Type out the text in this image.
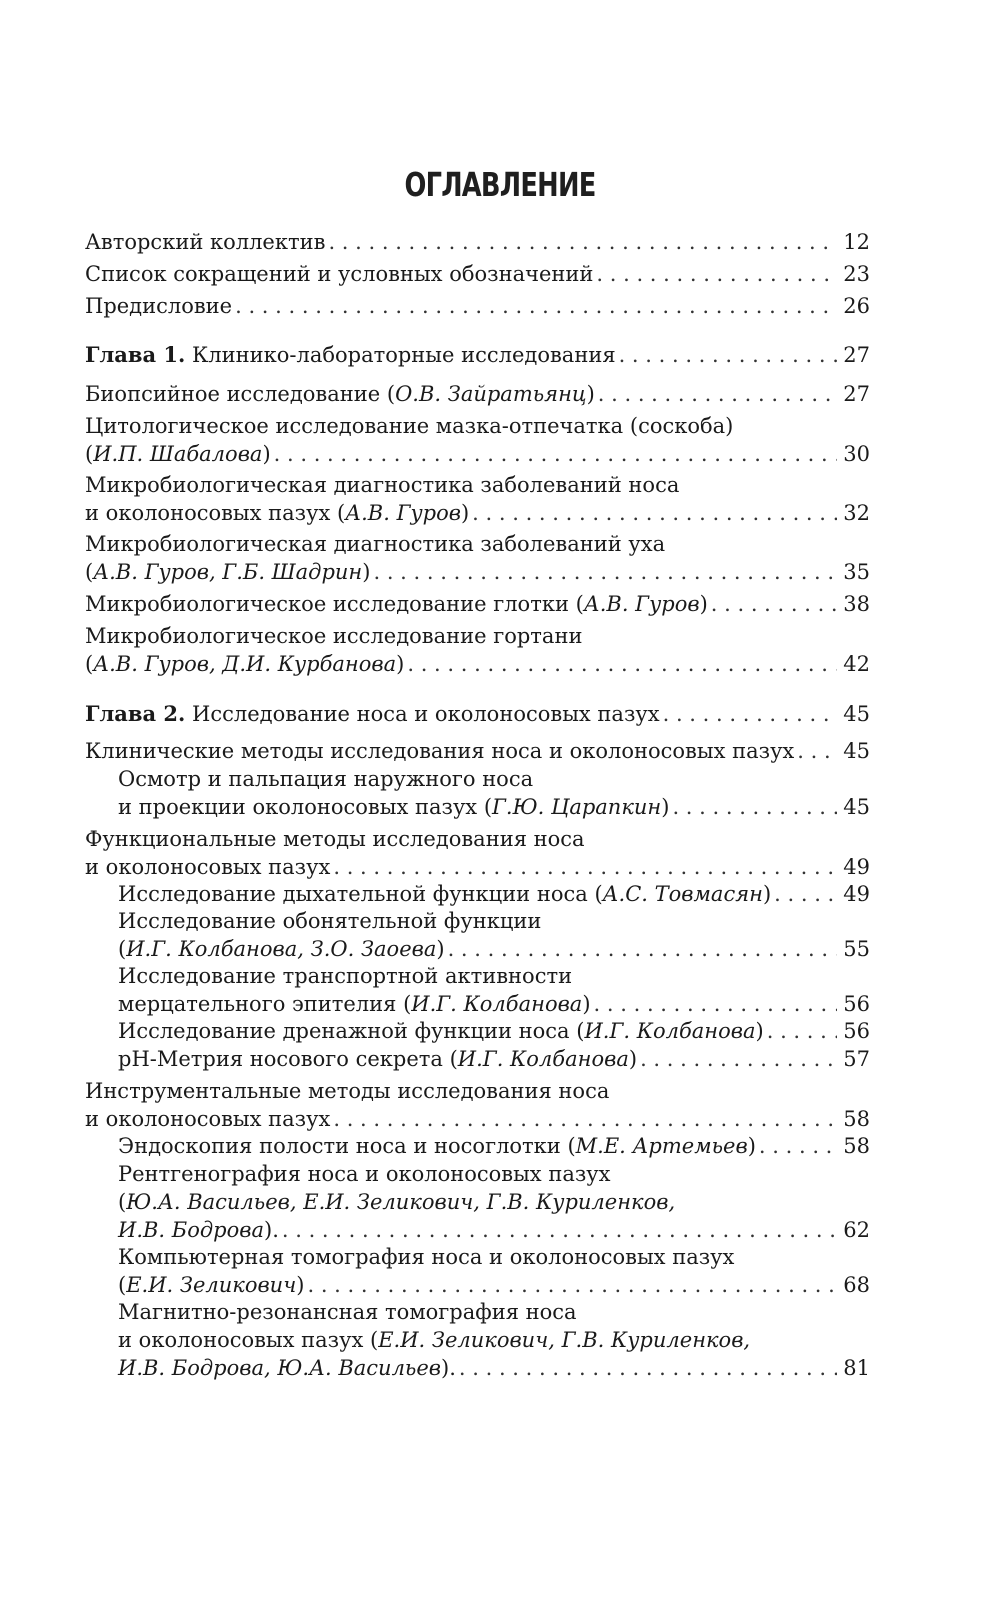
ОГЛАВЛЕНИЕ
Авторский коллектив . . .	12
Список сокращений и условных обозначений . . .	23
Предисловие . . .	26
Глава 1. Клинико-лабораторные исследования . . .	27
Биопсийное исследование (О.В. Зайратьянц) . . .	27
Цитологическое исследование мазка-отпечатка (соскоба)
(И.П. Шабалова) . . .	30
Микробиологическая диагностика заболеваний носа
и околоносовых пазух (А.В. Гуров) . . .	32
Микробиологическая диагностика заболеваний уха
(А.В. Гуров, Г.Б. Шадрин) . . .	35
Микробиологическое исследование глотки (А.В. Гуров) . . .	38
Микробиологическое исследование гортани
(А.В. Гуров, Д.И. Курбанова) . . .	42
Глава 2. Исследование носа и околоносовых пазух . . .	45
Клинические методы исследования носа и околоносовых пазух . . . 45
Осмотр и пальпация наружного носа
и проекции околоносовых пазух (Г.Ю. Царапкин) . . .	45
Функциональные методы исследования носа
и околоносовых пазух . . .	49
Исследование дыхательной функции носа (А.С. Товмасян) . . .	49
Исследование обонятельной функции
(И.Г. Колбанова, З.О. Заоева) . . .	55
Исследование транспортной активности
мерцательного эпителия (И.Г. Колбанова) . . .	56
Исследование дренажной функции носа (И.Г. Колбанова) . . .	56
рН-Метрия носового секрета (И.Г. Колбанова) . . .	57
Инструментальные методы исследования носа
и околоносовых пазух . . .	58
Эндоскопия полости носа и носоглотки (М.Е. Артемьев) . . .	58
Рентгенография носа и околоносовых пазух
(Ю.А. Васильев, Е.И. Зеликович, Г.В. Куриленков,
И.В. Бодрова). . . .	62
Компьютерная томография носа и околоносовых пазух
(Е.И. Зеликович) . . .	68
Магнитно-резонансная томография носа
и околоносовых пазух (Е.И. Зеликович, Г.В. Куриленков,
И.В. Бодрова, Ю.А. Васильев). . . .	81
